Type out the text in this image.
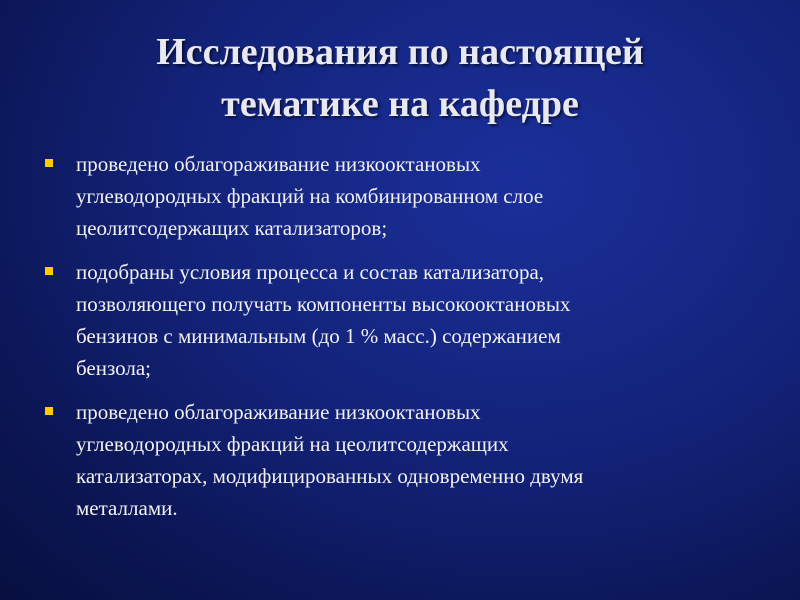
Исследования по настоящей
тематике на кафедре
проведено облагораживание низкооктановых
углеводородных фракций на комбинированном слое
цеолитсодержащих катализаторов;
подобраны условия процесса и состав катализатора,
позволяющего получать компоненты высокооктановых
бензинов с минимальным (до 1 % масс.) содержанием
бензола;
проведено облагораживание низкооктановых
углеводородных фракций на цеолитсодержащих
катализаторах, модифицированных одновременно двумя
металлами.
